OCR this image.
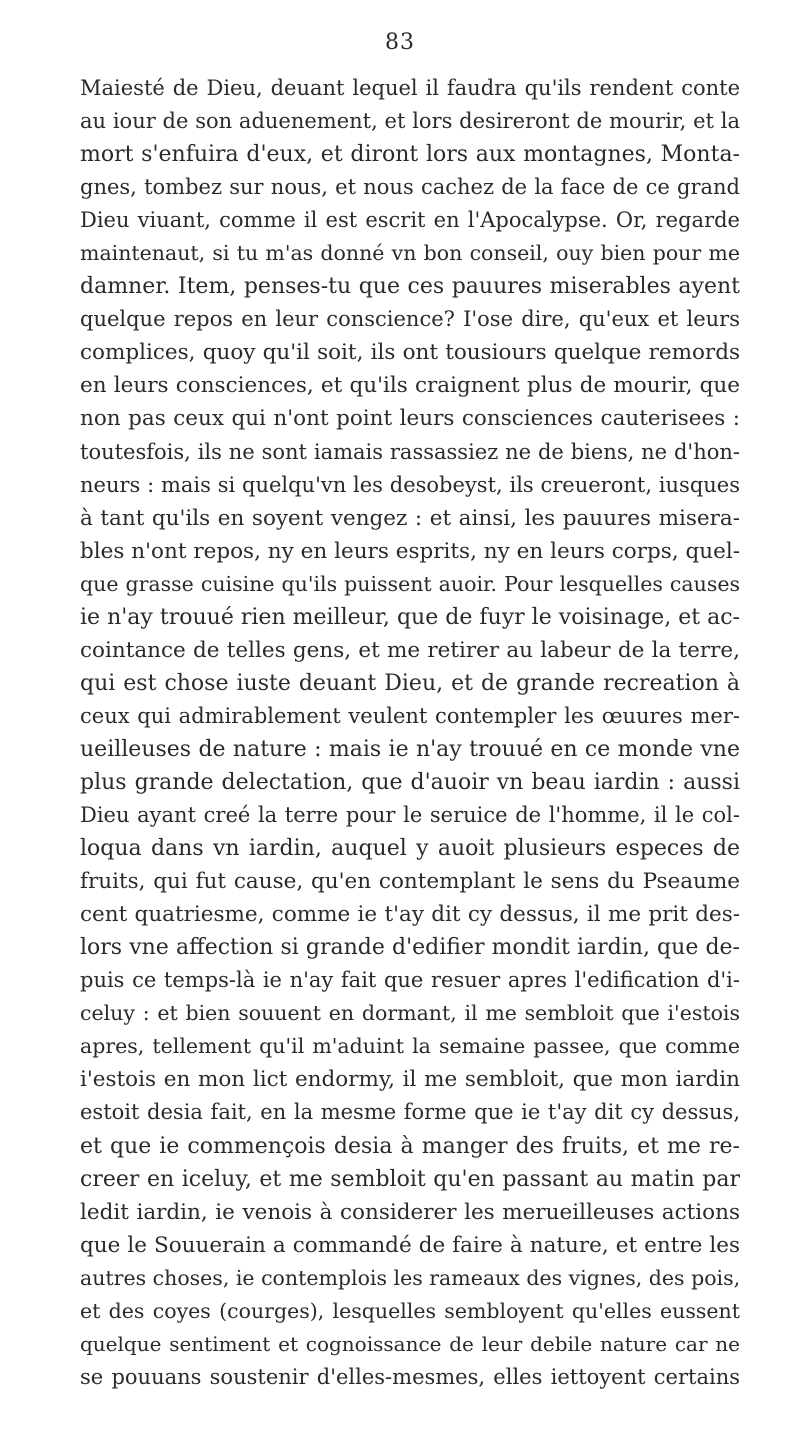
83
Maiesté de Dieu, deuant lequel il faudra qu'ils rendent conte
au iour de son aduenement, et lors desireront de mourir, et la
mort s'enfuira d'eux, et diront lors aux montagnes, Monta-
gnes, tombez sur nous, et nous cachez de la face de ce grand
Dieu viuant, comme il est escrit en l'Apocalypse. Or, regarde
maintenaut, si tu m'as donné vn bon conseil, ouy bien pour me
damner. Item, penses-tu que ces pauures miserables ayent
quelque repos en leur conscience? I'ose dire, qu'eux et leurs
complices, quoy qu'il soit, ils ont tousiours quelque remords
en leurs consciences, et qu'ils craignent plus de mourir, que
non pas ceux qui n'ont point leurs consciences cauterisees :
toutesfois, ils ne sont iamais rassassiez ne de biens, ne d'hon-
neurs : mais si quelqu'vn les desobeyst, ils creueront, iusques
à tant qu'ils en soyent vengez : et ainsi, les pauures misera-
bles n'ont repos, ny en leurs esprits, ny en leurs corps, quel-
que grasse cuisine qu'ils puissent auoir. Pour lesquelles causes
ie n'ay trouué rien meilleur, que de fuyr le voisinage, et ac-
cointance de telles gens, et me retirer au labeur de la terre,
qui est chose iuste deuant Dieu, et de grande recreation à
ceux qui admirablement veulent contempler les œuures mer-
ueilleuses de nature : mais ie n'ay trouué en ce monde vne
plus grande delectation, que d'auoir vn beau iardin : aussi
Dieu ayant creé la terre pour le seruice de l'homme, il le col-
loqua dans vn iardin, auquel y auoit plusieurs especes de
fruits, qui fut cause, qu'en contemplant le sens du Pseaume
cent quatriesme, comme ie t'ay dit cy dessus, il me prit des-
lors vne affection si grande d'edifier mondit iardin, que de-
puis ce temps-là ie n'ay fait que resuer apres l'edification d'i-
celuy : et bien souuent en dormant, il me sembloit que i'estois
apres, tellement qu'il m'aduint la semaine passee, que comme
i'estois en mon lict endormy, il me sembloit, que mon iardin
estoit desia fait, en la mesme forme que ie t'ay dit cy dessus,
et que ie commençois desia à manger des fruits, et me re-
creer en iceluy, et me sembloit qu'en passant au matin par
ledit iardin, ie venois à considerer les merueilleuses actions
que le Souuerain a commandé de faire à nature, et entre les
autres choses, ie contemplois les rameaux des vignes, des pois,
et des coyes (courges), lesquelles sembloyent qu'elles eussent
quelque sentiment et cognoissance de leur debile nature car ne
se pouuans soustenir d'elles-mesmes, elles iettoyent certains
